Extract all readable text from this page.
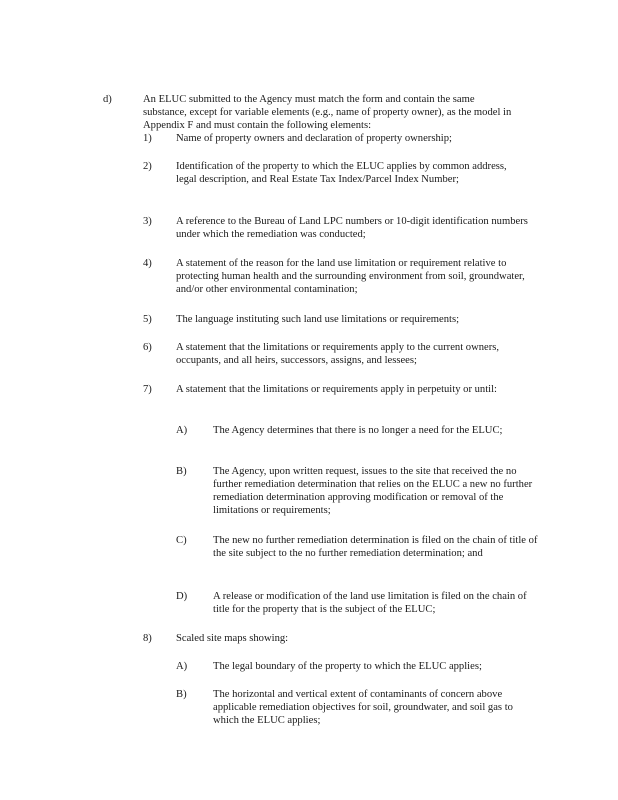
d)	An ELUC submitted to the Agency must match the form and contain the same substance, except for variable elements (e.g., name of property owner), as the model in Appendix F and must contain the following elements:
1) Name of property owners and declaration of property ownership;
2) Identification of the property to which the ELUC applies by common address, legal description, and Real Estate Tax Index/Parcel Index Number;
3) A reference to the Bureau of Land LPC numbers or 10-digit identification numbers under which the remediation was conducted;
4) A statement of the reason for the land use limitation or requirement relative to protecting human health and the surrounding environment from soil, groundwater, and/or other environmental contamination;
5) The language instituting such land use limitations or requirements;
6) A statement that the limitations or requirements apply to the current owners, occupants, and all heirs, successors, assigns, and lessees;
7) A statement that the limitations or requirements apply in perpetuity or until:
A) The Agency determines that there is no longer a need for the ELUC;
B) The Agency, upon written request, issues to the site that received the no further remediation determination that relies on the ELUC a new no further remediation determination approving modification or removal of the limitations or requirements;
C) The new no further remediation determination is filed on the chain of title of the site subject to the no further remediation determination; and
D) A release or modification of the land use limitation is filed on the chain of title for the property that is the subject of the ELUC;
8) Scaled site maps showing:
A) The legal boundary of the property to which the ELUC applies;
B) The horizontal and vertical extent of contaminants of concern above applicable remediation objectives for soil, groundwater, and soil gas to which the ELUC applies;
